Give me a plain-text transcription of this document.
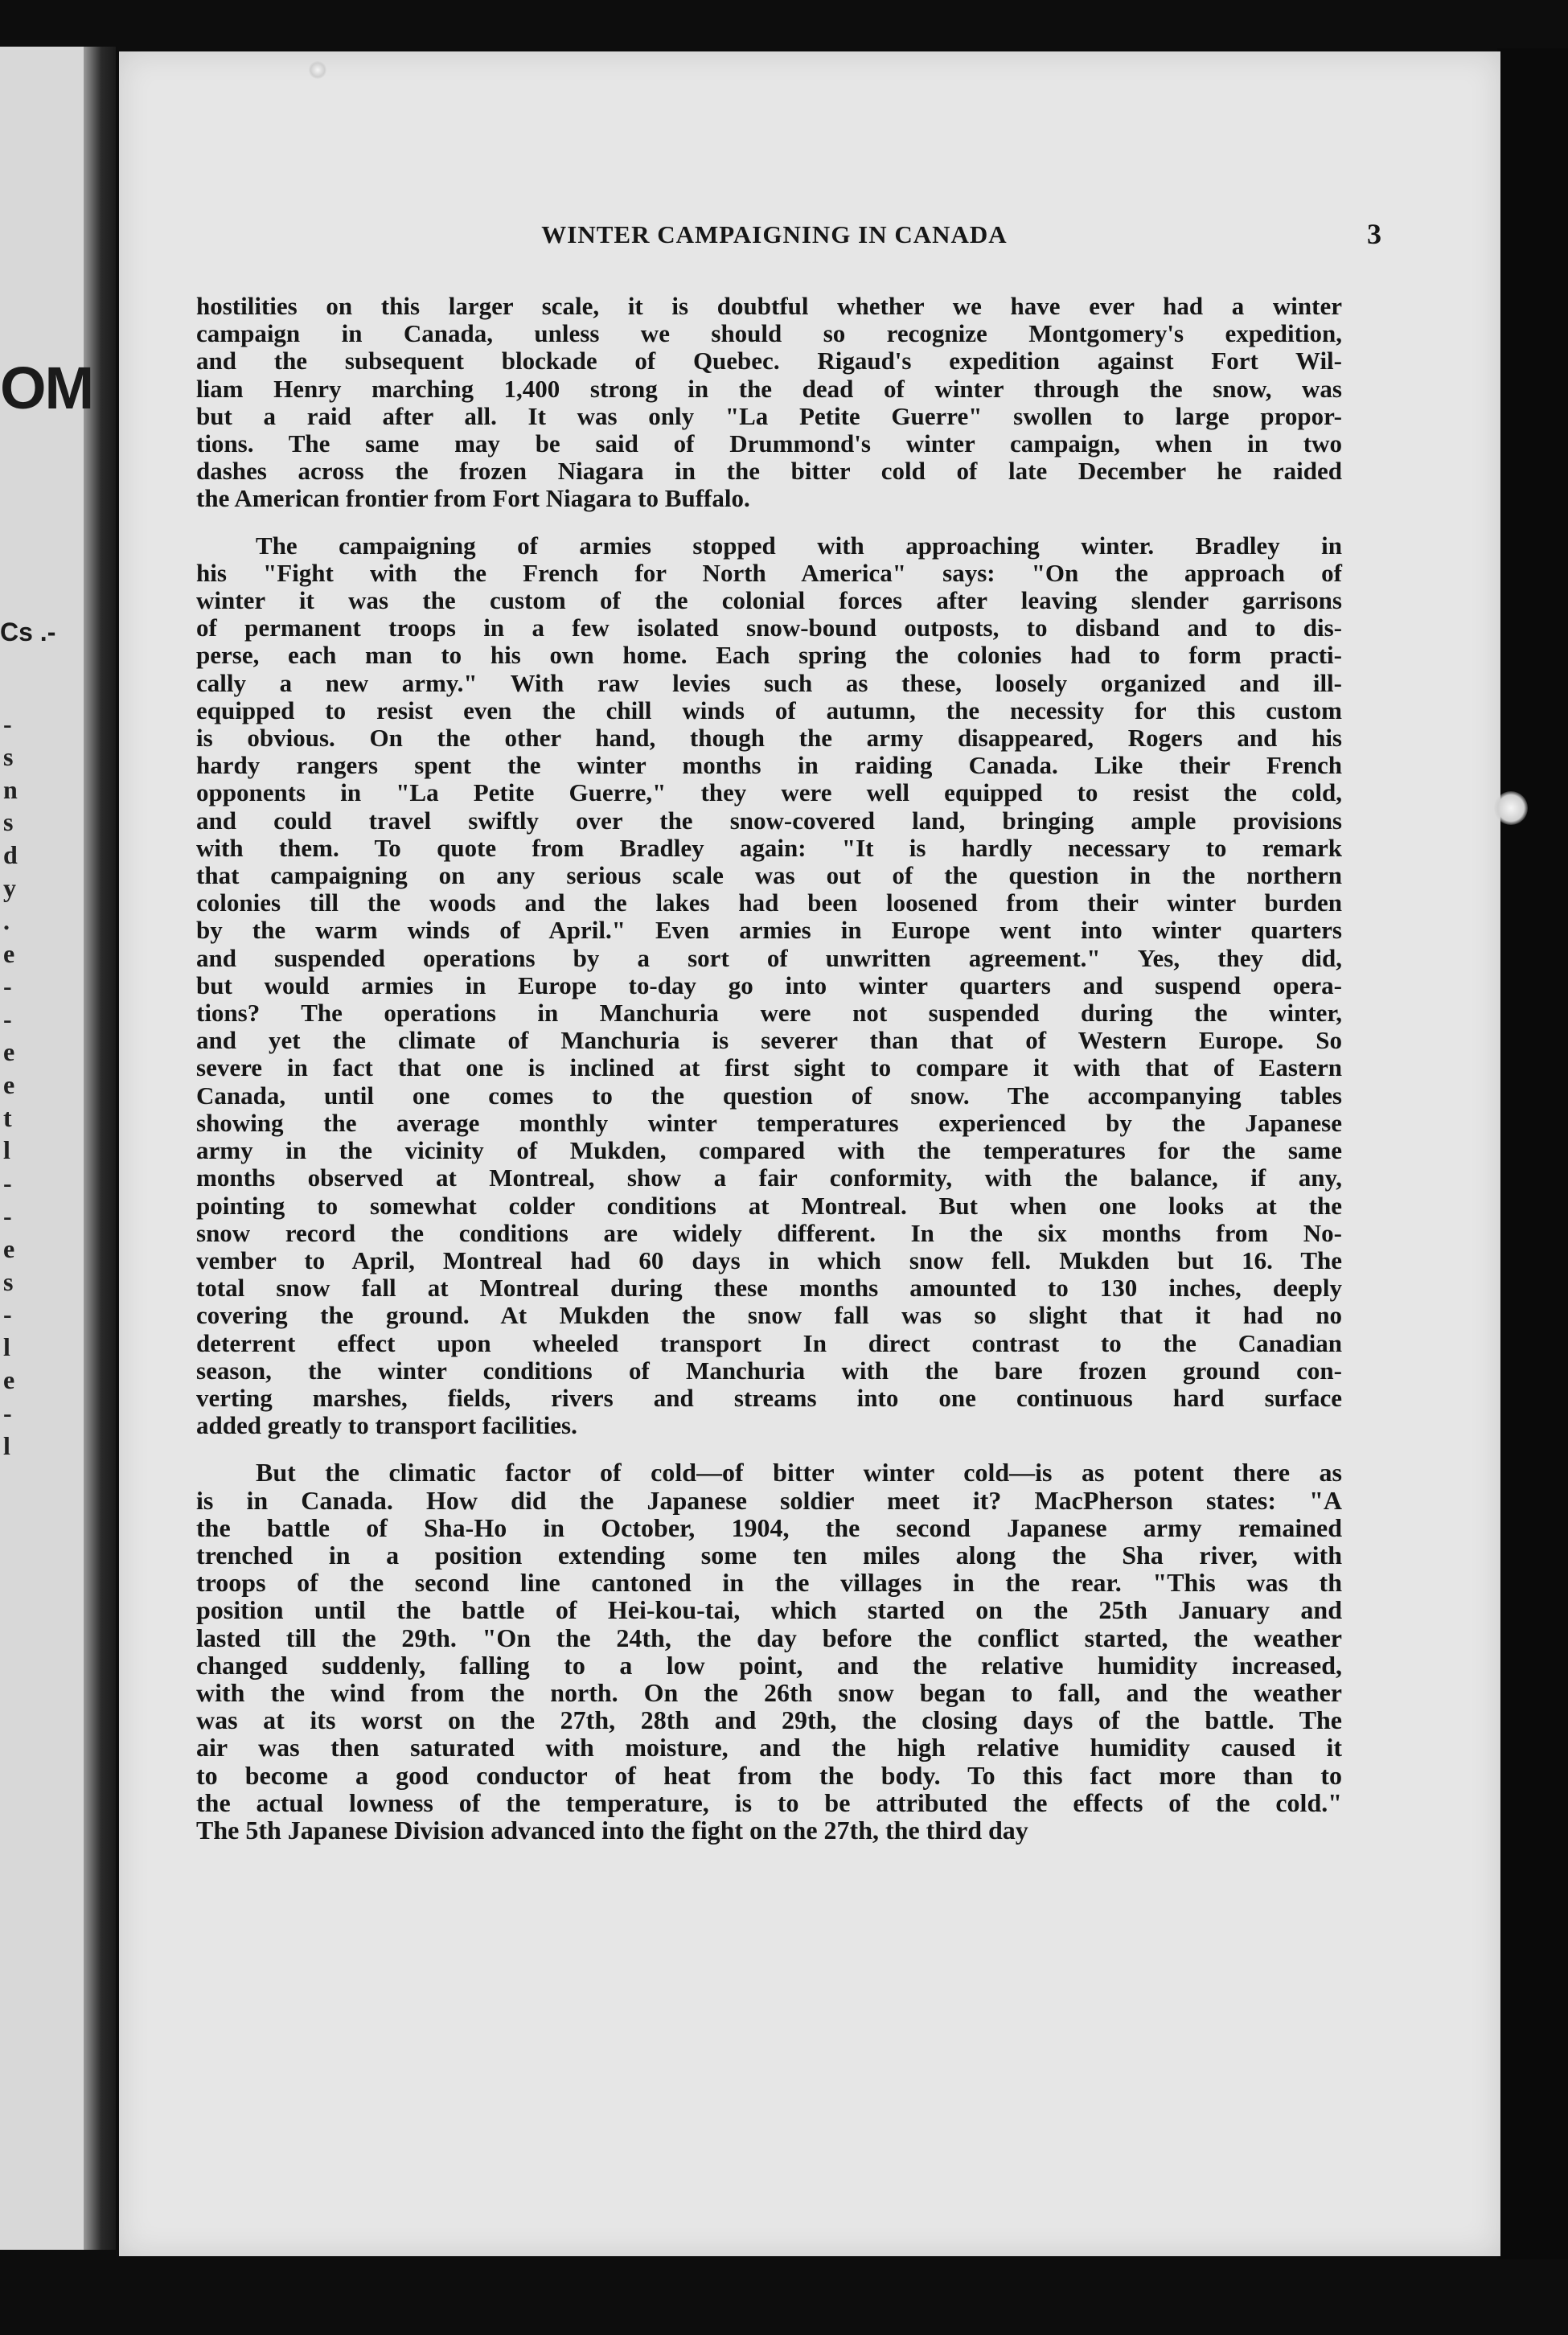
OM
Cs .-
-
s
n
s
d
y
.
e
-
-
e
e
t
l
-
-
e
s
-
l
e
-
l
WINTER CAMPAIGNING IN CANADA	3
hostilities on this larger scale, it is doubtful whether we have ever had a winter
campaign in Canada, unless we should so recognize Montgomery's expedition,
and the subsequent blockade of Quebec. Rigaud's expedition against Fort Wil-
liam Henry marching 1,400 strong in the dead of winter through the snow, was
but a raid after all. It was only "La Petite Guerre" swollen to large propor-
tions. The same may be said of Drummond's winter campaign, when in two
dashes across the frozen Niagara in the bitter cold of late December he raided
the American frontier from Fort Niagara to Buffalo.
The campaigning of armies stopped with approaching winter. Bradley in
his "Fight with the French for North America" says: "On the approach of
winter it was the custom of the colonial forces after leaving slender garrisons
of permanent troops in a few isolated snow-bound outposts, to disband and to dis-
perse, each man to his own home. Each spring the colonies had to form practi-
cally a new army." With raw levies such as these, loosely organized and ill-
equipped to resist even the chill winds of autumn, the necessity for this custom
is obvious. On the other hand, though the army disappeared, Rogers and his
hardy rangers spent the winter months in raiding Canada. Like their French
opponents in "La Petite Guerre," they were well equipped to resist the cold,
and could travel swiftly over the snow-covered land, bringing ample provisions
with them. To quote from Bradley again: "It is hardly necessary to remark
that campaigning on any serious scale was out of the question in the northern
colonies till the woods and the lakes had been loosened from their winter burden
by the warm winds of April." Even armies in Europe went into winter quarters
and suspended operations by a sort of unwritten agreement." Yes, they did,
but would armies in Europe to-day go into winter quarters and suspend opera-
tions? The operations in Manchuria were not suspended during the winter,
and yet the climate of Manchuria is severer than that of Western Europe. So
severe in fact that one is inclined at first sight to compare it with that of Eastern
Canada, until one comes to the question of snow. The accompanying tables
showing the average monthly winter temperatures experienced by the Japanese
army in the vicinity of Mukden, compared with the temperatures for the same
months observed at Montreal, show a fair conformity, with the balance, if any,
pointing to somewhat colder conditions at Montreal. But when one looks at the
snow record the conditions are widely different. In the six months from No-
vember to April, Montreal had 60 days in which snow fell. Mukden but 16. The
total snow fall at Montreal during these months amounted to 130 inches, deeply
covering the ground. At Mukden the snow fall was so slight that it had no
deterrent effect upon wheeled transport In direct contrast to the Canadian
season, the winter conditions of Manchuria with the bare frozen ground con-
verting marshes, fields, rivers and streams into one continuous hard surface
added greatly to transport facilities.
But the climatic factor of cold—of bitter winter cold—is as potent there as
is in Canada. How did the Japanese soldier meet it? MacPherson states: "A
the battle of Sha-Ho in October, 1904, the second Japanese army remained
trenched in a position extending some ten miles along the Sha river, with
troops of the second line cantoned in the villages in the rear. "This was th
position until the battle of Hei-kou-tai, which started on the 25th January and
lasted till the 29th. "On the 24th, the day before the conflict started, the weather
changed suddenly, falling to a low point, and the relative humidity increased,
with the wind from the north. On the 26th snow began to fall, and the weather
was at its worst on the 27th, 28th and 29th, the closing days of the battle. The
air was then saturated with moisture, and the high relative humidity caused it
to become a good conductor of heat from the body. To this fact more than to
the actual lowness of the temperature, is to be attributed the effects of the cold."
The 5th Japanese Division advanced into the fight on the 27th, the third day
